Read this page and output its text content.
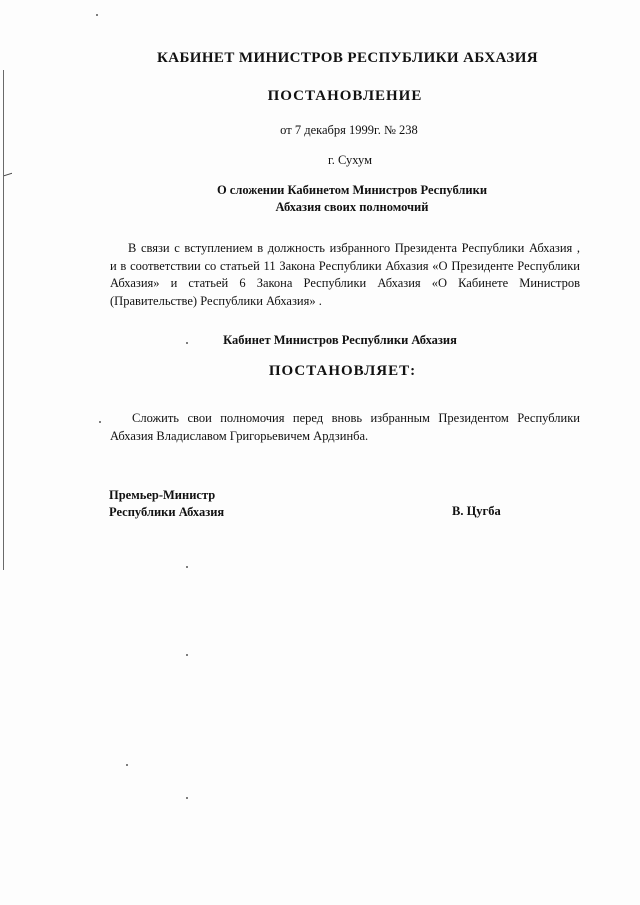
КАБИНЕТ МИНИСТРОВ РЕСПУБЛИКИ АБХАЗИЯ
ПОСТАНОВЛЕНИЕ
от 7 декабря 1999г. № 238
г. Сухум
О сложении Кабинетом Министров Республики
Абхазия своих полномочий
В связи с вступлением в должность избранного Президента Республики Абхазия ,
и в соответствии со статьей 11 Закона Республики Абхазия «О Президенте Республики
Абхазия» и статьей 6 Закона Республики Абхазия «О Кабинете Министров
(Правительстве) Республики Абхазия» .
Кабинет Министров Республики Абхазия
ПОСТАНОВЛЯЕТ:
Сложить свои полномочия перед вновь избранным Президентом Республики
Абхазия Владиславом Григорьевичем Ардзинба.
Премьер-Министр
Республики Абхазия	В. Цугба
